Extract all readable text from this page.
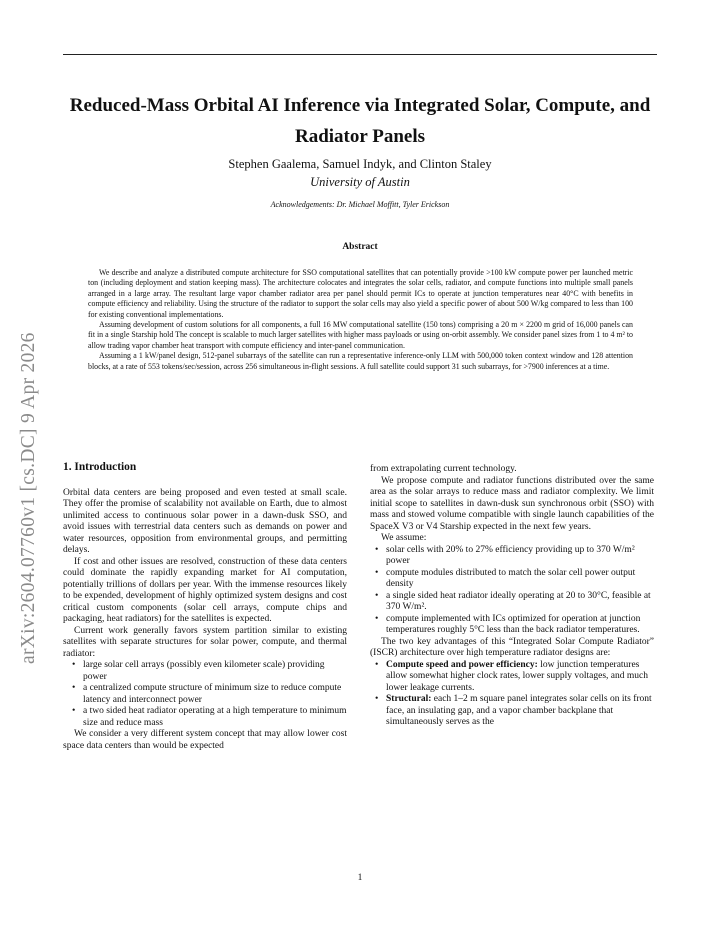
arXiv:2604.07760v1 [cs.DC] 9 Apr 2026
Reduced-Mass Orbital AI Inference via Integrated Solar, Compute, and Radiator Panels
Stephen Gaalema, Samuel Indyk, and Clinton Staley
University of Austin
Acknowledgements: Dr. Michael Moffitt, Tyler Erickson
Abstract

We describe and analyze a distributed compute architecture for SSO computational satellites that can potentially provide >100 kW compute power per launched metric ton (including deployment and station keeping mass). The architecture colocates and integrates the solar cells, radiator, and compute functions into multiple small panels arranged in a large array. The resultant large vapor chamber radiator area per panel should permit ICs to operate at junction temperatures near 40°C with benefits in compute efficiency and reliability. Using the structure of the radiator to support the solar cells may also yield a specific power of about 500 W/kg compared to less than 100 for existing conventional implementations.

Assuming development of custom solutions for all components, a full 16 MW computational satellite (150 tons) comprising a 20 m × 2200 m grid of 16,000 panels can fit in a single Starship hold The concept is scalable to much larger satellites with higher mass payloads or using on-orbit assembly. We consider panel sizes from 1 to 4 m² to allow trading vapor chamber heat transport with compute efficiency and inter-panel communication.

Assuming a 1 kW/panel design, 512-panel subarrays of the satellite can run a representative inference-only LLM with 500,000 token context window and 128 attention blocks, at a rate of 553 tokens/sec/session, across 256 simultaneous in-flight sessions. A full satellite could support 31 such subarrays, for >7900 inferences at a time.

1. Introduction

Orbital data centers are being proposed and even tested at small scale. They offer the promise of scalability not available on Earth, due to almost unlimited access to continuous solar power in a dawn-dusk SSO, and avoid issues with terrestrial data centers such as demands on power and water resources, opposition from environmental groups, and permitting delays.

If cost and other issues are resolved, construction of these data centers could dominate the rapidly expanding market for AI computation, potentially trillions of dollars per year. With the immense resources likely to be expended, development of highly optimized system designs and cost critical custom components (solar cell arrays, compute chips and packaging, heat radiators) for the satellites is expected.

Current work generally favors system partition similar to existing satellites with separate structures for solar power, compute, and thermal radiator:

• large solar cell arrays (possibly even kilometer scale) providing power
• a centralized compute structure of minimum size to reduce compute latency and interconnect power
• a two sided heat radiator operating at a high temperature to minimum size and reduce mass

We consider a very different system concept that may allow lower cost space data centers than would be expected

from extrapolating current technology.

We propose compute and radiator functions distributed over the same area as the solar arrays to reduce mass and radiator complexity. We limit initial scope to satellites in dawn-dusk sun synchronous orbit (SSO) with mass and stowed volume compatible with single launch capabilities of the SpaceX V3 or V4 Starship expected in the next few years.

We assume:

• solar cells with 20% to 27% efficiency providing up to 370 W/m² power
• compute modules distributed to match the solar cell power output density
• a single sided heat radiator ideally operating at 20 to 30°C, feasible at 370 W/m².
• compute implemented with ICs optimized for operation at junction temperatures roughly 5°C less than the back radiator temperatures.

The two key advantages of this “Integrated Solar Compute Radiator” (ISCR) architecture over high temperature radiator designs are:

• Compute speed and power efficiency: low junction temperatures allow somewhat higher clock rates, lower supply voltages, and much lower leakage currents.
• Structural: each 1–2 m square panel integrates solar cells on its front face, an insulating gap, and a vapor chamber backplane that simultaneously serves as the
1
